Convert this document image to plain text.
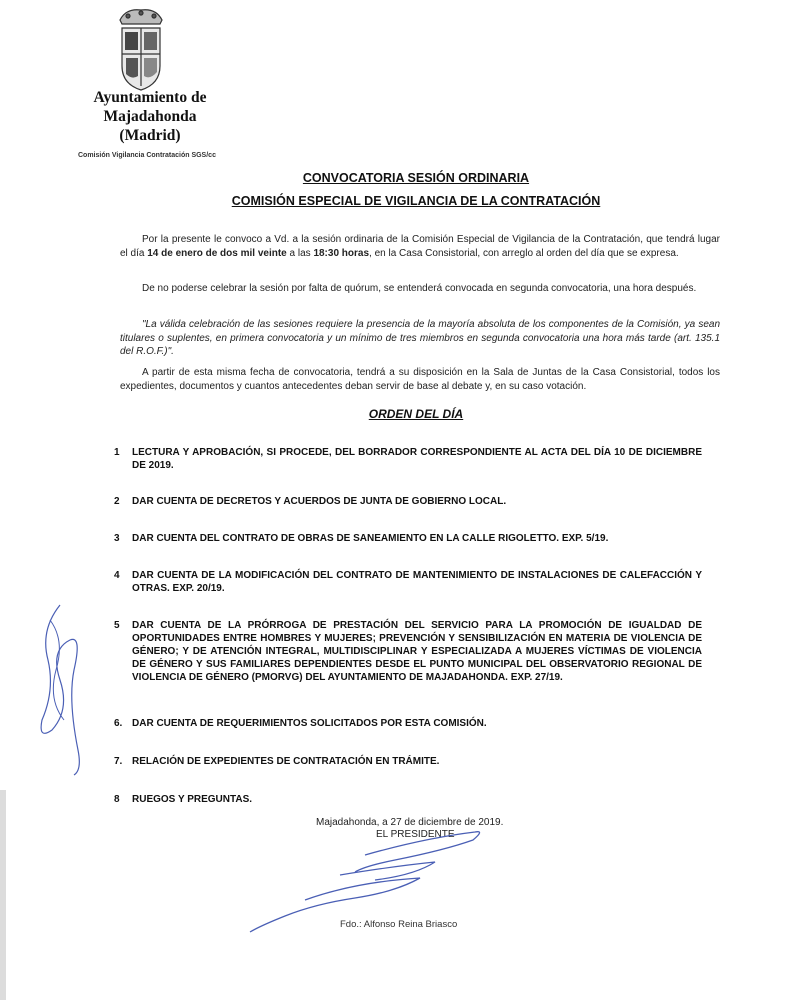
Ayuntamiento de
Majadahonda
(Madrid)
Comisión Vigilancia Contratación SGS/cc
CONVOCATORIA SESIÓN ORDINARIA
COMISIÓN ESPECIAL DE VIGILANCIA DE LA CONTRATACIÓN
Por la presente le convoco a Vd. a la sesión ordinaria de la Comisión Especial de Vigilancia de la Contratación, que tendrá lugar el día 14 de enero de dos mil veinte a las 18:30 horas, en la Casa Consistorial, con arreglo al orden del día que se expresa.
De no poderse celebrar la sesión por falta de quórum, se entenderá convocada en segunda convocatoria, una hora después.
"La válida celebración de las sesiones requiere la presencia de la mayoría absoluta de los componentes de la Comisión, ya sean titulares o suplentes, en primera convocatoria y un mínimo de tres miembros en segunda convocatoria una hora más tarde (art. 135.1 del R.O.F.)".
A partir de esta misma fecha de convocatoria, tendrá a su disposición en la Sala de Juntas de la Casa Consistorial, todos los expedientes, documentos y cuantos antecedentes deban servir de base al debate y, en su caso votación.
ORDEN DEL DÍA
1 LECTURA Y APROBACIÓN, SI PROCEDE, DEL BORRADOR CORRESPONDIENTE AL ACTA DEL DÍA 10 DE DICIEMBRE DE 2019.
2 DAR CUENTA DE DECRETOS Y ACUERDOS DE JUNTA DE GOBIERNO LOCAL.
3 DAR CUENTA DEL CONTRATO DE OBRAS DE SANEAMIENTO EN LA CALLE RIGOLETTO. EXP. 5/19.
4 DAR CUENTA DE LA MODIFICACIÓN DEL CONTRATO DE MANTENIMIENTO DE INSTALACIONES DE CALEFACCIÓN Y OTRAS. EXP. 20/19.
5 DAR CUENTA DE LA PRÓRROGA DE PRESTACIÓN DEL SERVICIO PARA LA PROMOCIÓN DE IGUALDAD DE OPORTUNIDADES ENTRE HOMBRES Y MUJERES; PREVENCIÓN Y SENSIBILIZACIÓN EN MATERIA DE VIOLENCIA DE GÉNERO; Y DE ATENCIÓN INTEGRAL, MULTIDISCIPLINAR Y ESPECIALIZADA A MUJERES VÍCTIMAS DE VIOLENCIA DE GÉNERO Y SUS FAMILIARES DEPENDIENTES DESDE EL PUNTO MUNICIPAL DEL OBSERVATORIO REGIONAL DE VIOLENCIA DE GÉNERO (PMORVG) DEL AYUNTAMIENTO DE MAJADAHONDA. EXP. 27/19.
6. DAR CUENTA DE REQUERIMIENTOS SOLICITADOS POR ESTA COMISIÓN.
7. RELACIÓN DE EXPEDIENTES DE CONTRATACIÓN EN TRÁMITE.
8 RUEGOS Y PREGUNTAS.
Majadahonda, a 27 de diciembre de 2019.
EL PRESIDENTE
Fdo.: Alfonso Reina Briasco
